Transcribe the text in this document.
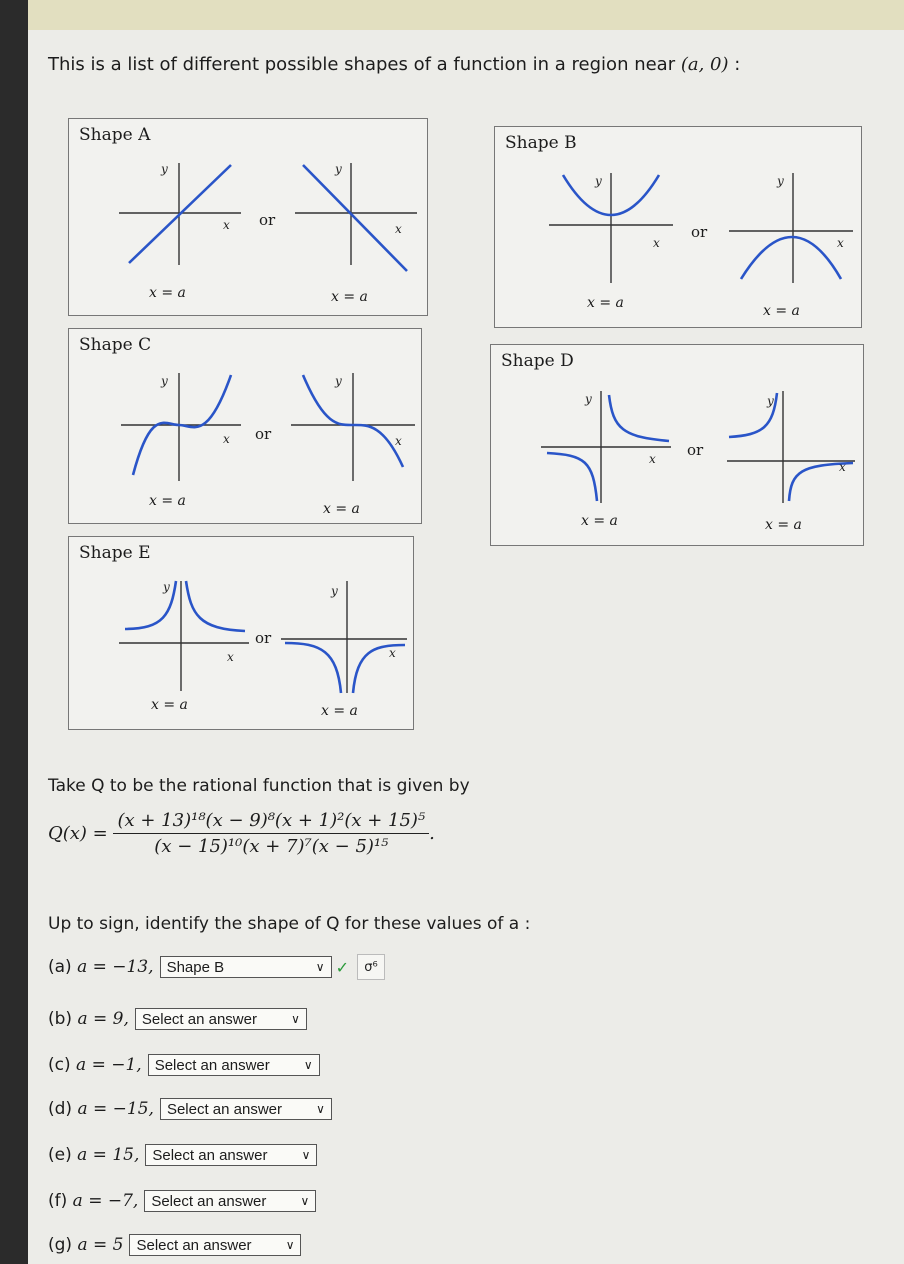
This is a list of different possible shapes of a function in a region near (a, 0) :
Shape A
y
x or
y
x
x = a	x = a
Shape B
y
x
or
y
x
x = a	x = a
Shape C
y
x or
y
x
x = a	x = a
Shape D
y
x or
y
x
x = a	x = a
Shape E
y
x
or
y
x
x = a	x = a
Take Q to be the rational function that is given by
$Q(x) = \frac{\text{(x + 13)¹⁸(x − 9)⁸(x + 1)²(x + 15)⁵}}{\text{(x − 15)¹⁰(x + 7)⁷(x − 5)¹⁵}}$ .
Up to sign, identify the shape of Q for these values of a :
(a)
a = −13, Shape B	∨ ✓	σ⁶
(b)
a = 9, Select an answer	∨
(c)
a = −1, Select an answer	∨
(d)
a = −15, Select an answer	∨
(e)
a = 15, Select an answer	∨
(f)
a = −7, Select an answer	∨
(g)
a = 5 Select an answer	∨
